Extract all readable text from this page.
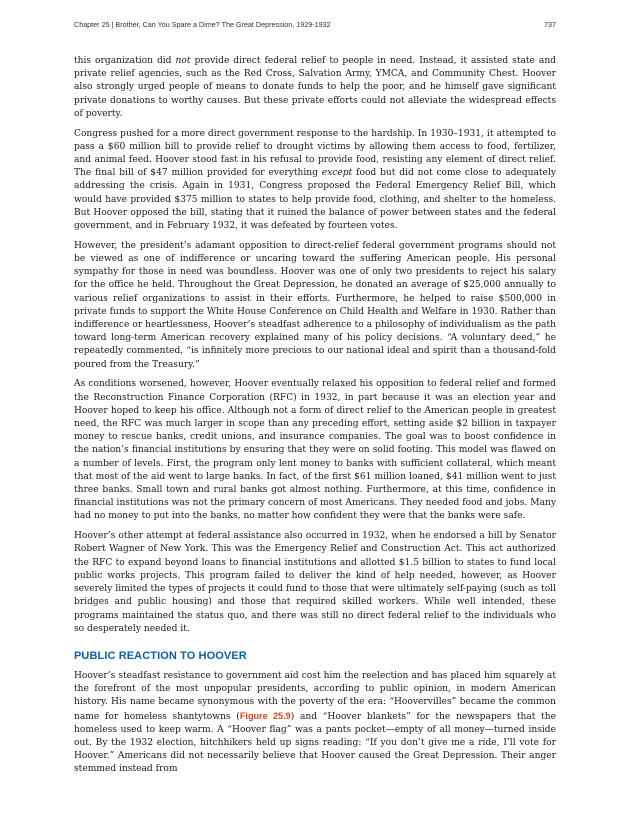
Chapter 25 | Brother, Can You Spare a Dime? The Great Depression, 1929-1932	737

this organization did not provide direct federal relief to people in need. Instead, it assisted state and private relief agencies, such as the Red Cross, Salvation Army, YMCA, and Community Chest. Hoover also strongly urged people of means to donate funds to help the poor, and he himself gave significant private donations to worthy causes. But these private efforts could not alleviate the widespread effects of poverty.

Congress pushed for a more direct government response to the hardship. In 1930–1931, it attempted to pass a $60 million bill to provide relief to drought victims by allowing them access to food, fertilizer, and animal feed. Hoover stood fast in his refusal to provide food, resisting any element of direct relief. The final bill of $47 million provided for everything except food but did not come close to adequately addressing the crisis. Again in 1931, Congress proposed the Federal Emergency Relief Bill, which would have provided $375 million to states to help provide food, clothing, and shelter to the homeless. But Hoover opposed the bill, stating that it ruined the balance of power between states and the federal government, and in February 1932, it was defeated by fourteen votes.

However, the president’s adamant opposition to direct-relief federal government programs should not be viewed as one of indifference or uncaring toward the suffering American people. His personal sympathy for those in need was boundless. Hoover was one of only two presidents to reject his salary for the office he held. Throughout the Great Depression, he donated an average of $25,000 annually to various relief organizations to assist in their efforts. Furthermore, he helped to raise $500,000 in private funds to support the White House Conference on Child Health and Welfare in 1930. Rather than indifference or heartlessness, Hoover’s steadfast adherence to a philosophy of individualism as the path toward long-term American recovery explained many of his policy decisions. “A voluntary deed,” he repeatedly commented, “is infinitely more precious to our national ideal and spirit than a thousand-fold poured from the Treasury.”

As conditions worsened, however, Hoover eventually relaxed his opposition to federal relief and formed the Reconstruction Finance Corporation (RFC) in 1932, in part because it was an election year and Hoover hoped to keep his office. Although not a form of direct relief to the American people in greatest need, the RFC was much larger in scope than any preceding effort, setting aside $2 billion in taxpayer money to rescue banks, credit unions, and insurance companies. The goal was to boost confidence in the nation’s financial institutions by ensuring that they were on solid footing. This model was flawed on a number of levels. First, the program only lent money to banks with sufficient collateral, which meant that most of the aid went to large banks. In fact, of the first $61 million loaned, $41 million went to just three banks. Small town and rural banks got almost nothing. Furthermore, at this time, confidence in financial institutions was not the primary concern of most Americans. They needed food and jobs. Many had no money to put into the banks, no matter how confident they were that the banks were safe.

Hoover’s other attempt at federal assistance also occurred in 1932, when he endorsed a bill by Senator Robert Wagner of New York. This was the Emergency Relief and Construction Act. This act authorized the RFC to expand beyond loans to financial institutions and allotted $1.5 billion to states to fund local public works projects. This program failed to deliver the kind of help needed, however, as Hoover severely limited the types of projects it could fund to those that were ultimately self-paying (such as toll bridges and public housing) and those that required skilled workers. While well intended, these programs maintained the status quo, and there was still no direct federal relief to the individuals who so desperately needed it.

PUBLIC REACTION TO HOOVER

Hoover’s steadfast resistance to government aid cost him the reelection and has placed him squarely at the forefront of the most unpopular presidents, according to public opinion, in modern American history. His name became synonymous with the poverty of the era: “Hoovervilles” became the common name for homeless shantytowns (Figure 25.9) and “Hoover blankets” for the newspapers that the homeless used to keep warm. A “Hoover flag” was a pants pocket—empty of all money—turned inside out. By the 1932 election, hitchhikers held up signs reading: “If you don’t give me a ride, I’ll vote for Hoover.” Americans did not necessarily believe that Hoover caused the Great Depression. Their anger stemmed instead from
